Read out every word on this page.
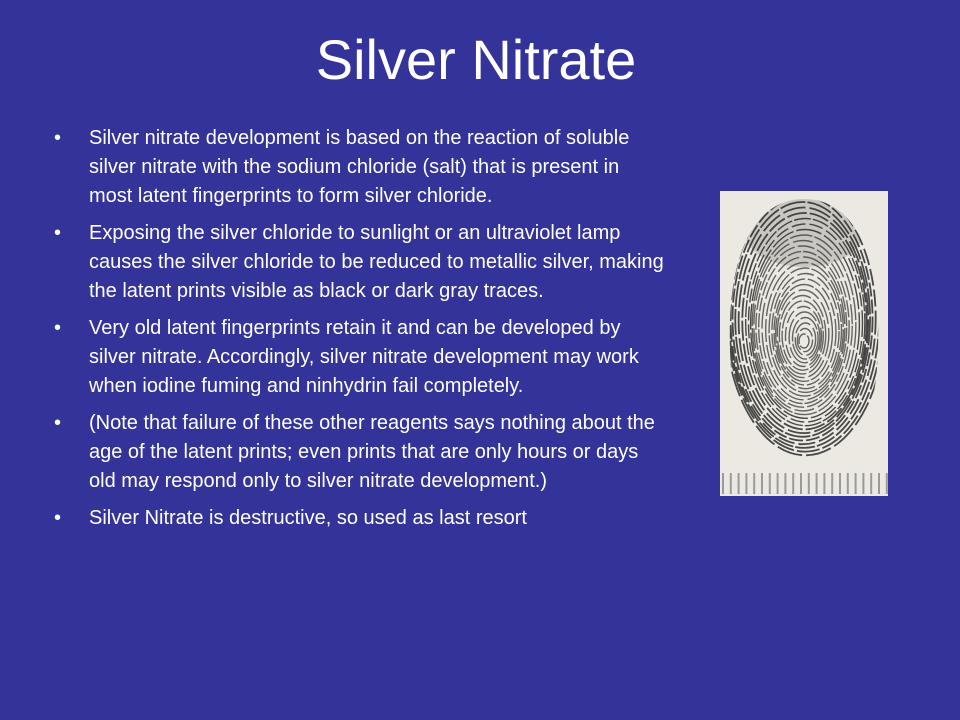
Silver Nitrate
•	Silver nitrate development is based on the reaction of soluble silver nitrate with the sodium chloride (salt) that is present in most latent fingerprints to form silver chloride.
•	Exposing the silver chloride to sunlight or an ultraviolet lamp causes the silver chloride to be reduced to metallic silver, making the latent prints visible as black or dark gray traces.
•	Very old latent fingerprints retain it and can be developed by silver nitrate. Accordingly, silver nitrate development may work when iodine fuming and ninhydrin fail completely.
•	(Note that failure of these other reagents says nothing about the age of the latent prints; even prints that are only hours or days old may respond only to silver nitrate development.)
•	Silver Nitrate is destructive, so used as last resort
